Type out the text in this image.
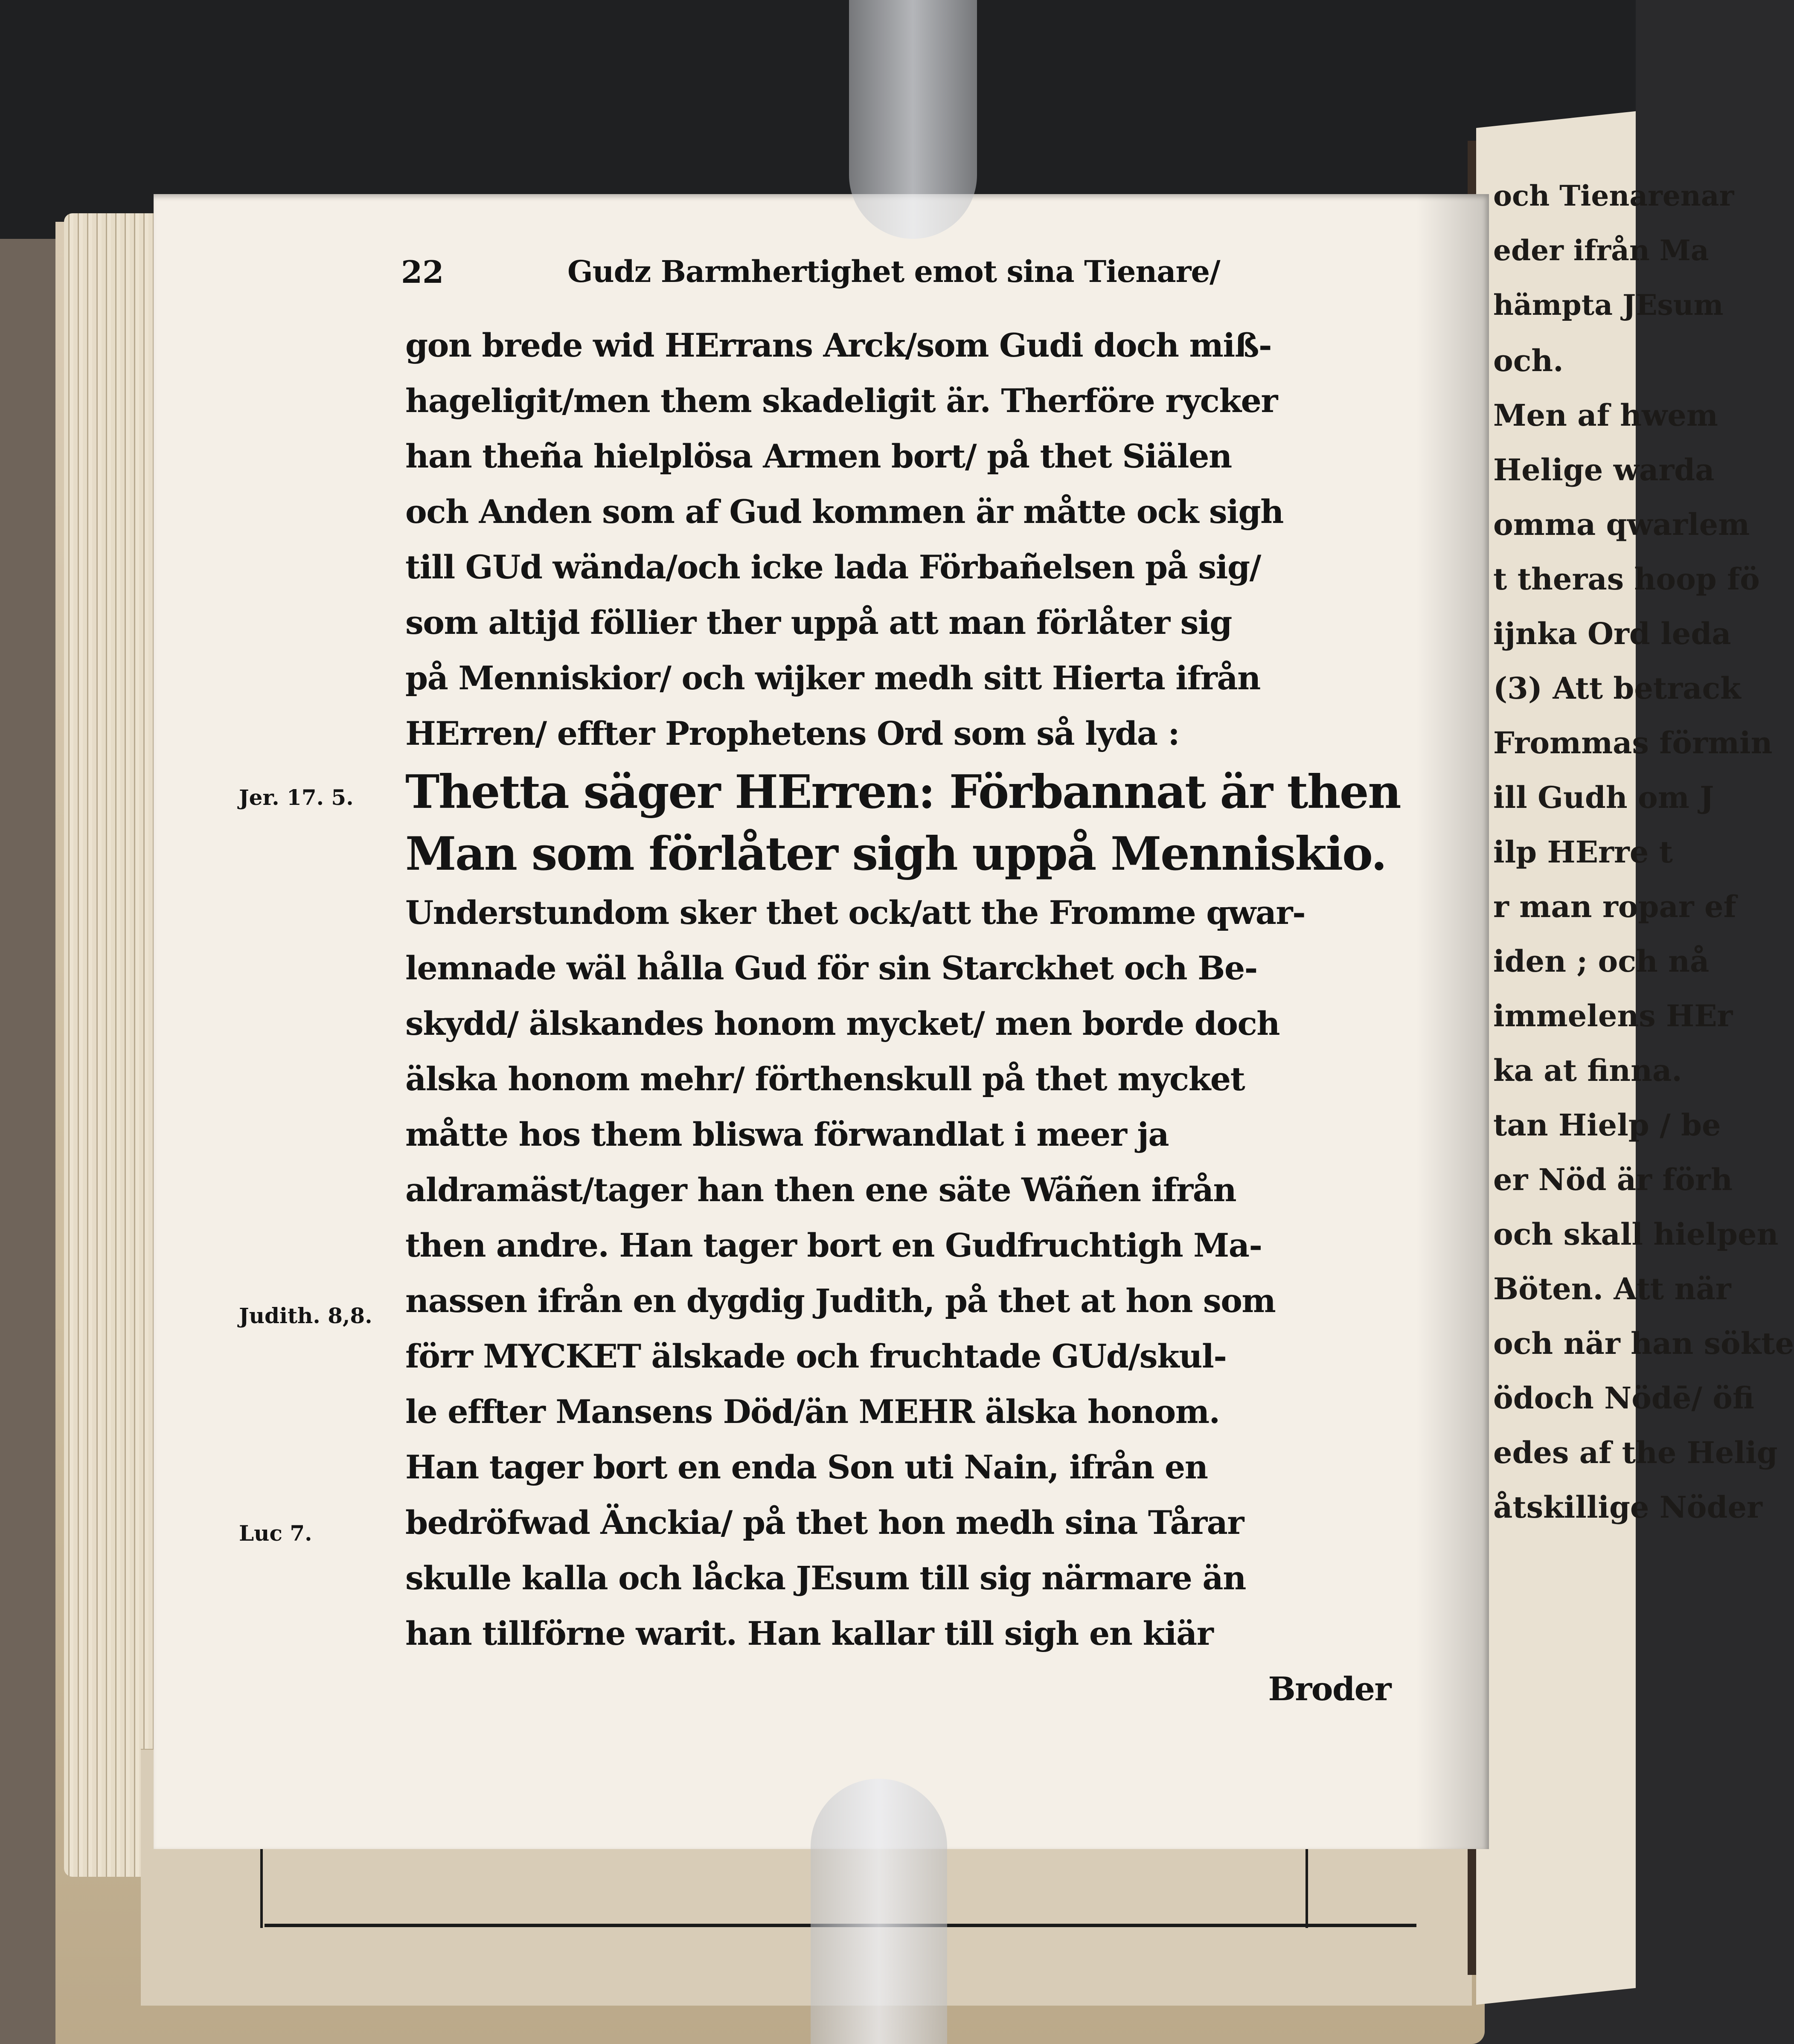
och Tienarenar
eder ifrån Ma
hämpta JEsum
och.
Men af hwem
Helige warda
omma qwarlem
t theras hoop fö
ijnka Ord leda
(3) Att betrack
Frommas förmin
ill Gudh om J
ilp HErre t
r man ropar ef
iden ; och nå
immelens HEr
ka at finna.
tan Hielp / be
er Nöd är förh
och skall hielpen
Böten. Att när
och när han söktе
ödoch Nödē/ öfi
edes af the Helig
åtskillige Nöder
22	Gudz Barmhertighet emot sina Tienare/
gon brede wid HErrans Arck/som Gudi doch miß-
hageligit/men them skadeligit är. Therföre rycker
han theña hielplösa Armen bort/ på thet Siälen
och Anden som af Gud kommen är måtte ock sigh
till GUd wända/och icke lada Förbañelsen på sig/
som altijd föllier ther uppå att man förlåter sig
på Menniskior/ och wijker medh sitt Hierta ifrån
HErren/ effter Prophetens Ord som så lyda :
Thetta säger HErren: Förbannat är then
Man som förlåter sigh uppå Menniskio.
Understundom sker thet ock/att the Fromme qwar-
lemnade wäl hålla Gud för sin Starckhet och Be-
skydd/ älskandes honom mycket/ men borde doch
älska honom mehr/ förthenskull på thet mycket
måtte hos them bliswa förwandlat i meer ja
aldramäst/tager han then ene säte Wäñen ifrån
then andre. Han tager bort en Gudfruchtigh Ma-
nassen ifrån en dygdig Judith, på thet at hon som
förr MYCKET älskade och fruchtade GUd/skul-
le effter Mansens Död/än MEHR älska honom.
Han tager bort en enda Son uti Nain, ifrån en
bedröfwad Änckia/ på thet hon medh sina Tårar
skulle kalla och låcka JEsum till sig närmare än
han tillförne warit. Han kallar till sigh en kiär
Broder
Jer. 17. 5.
Judith. 8,8.
Luc 7.
